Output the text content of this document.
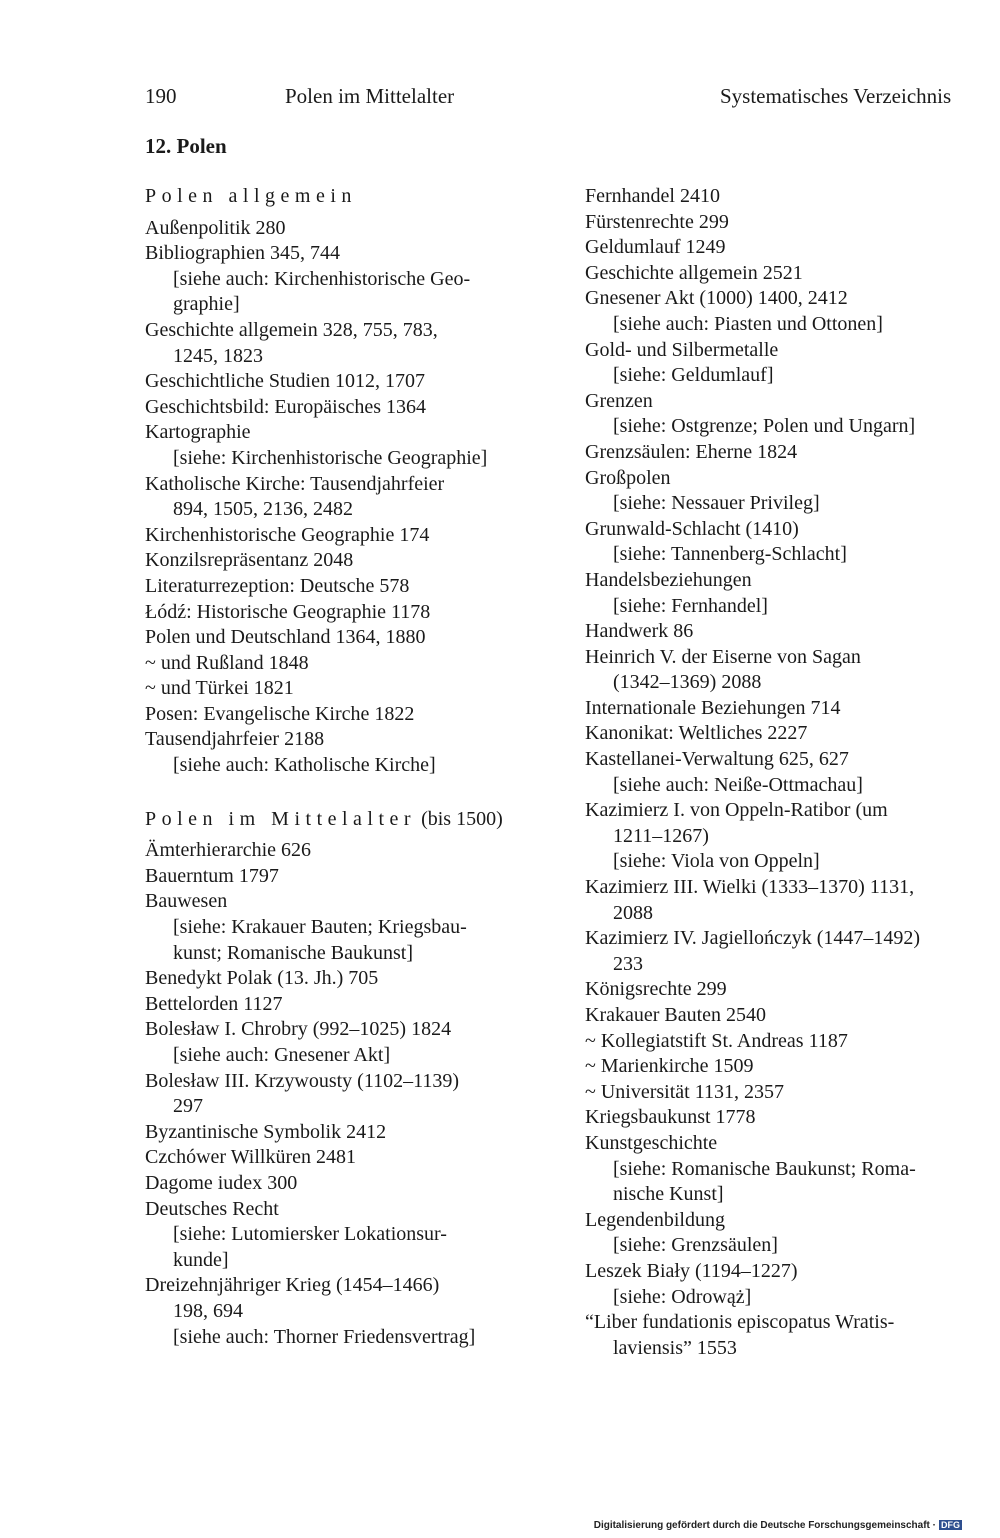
190	Polen im Mittelalter	Systematisches Verzeichnis
12. Polen
Polen allgemein
Außenpolitik 280
Bibliographien 345, 744
[siehe auch: Kirchenhistorische Geo-
graphie]
Geschichte allgemein 328, 755, 783,
1245, 1823
Geschichtliche Studien 1012, 1707
Geschichtsbild: Europäisches 1364
Kartographie
[siehe: Kirchenhistorische Geographie]
Katholische Kirche: Tausendjahrfeier
894, 1505, 2136, 2482
Kirchenhistorische Geographie 174
Konzilsrepräsentanz 2048
Literaturrezeption: Deutsche 578
Łódź: Historische Geographie 1178
Polen und Deutschland 1364, 1880
~ und Rußland 1848
~ und Türkei 1821
Posen: Evangelische Kirche 1822
Tausendjahrfeier 2188
[siehe auch: Katholische Kirche]
Polen im Mittelalter (bis 1500)
Ämterhierarchie 626
Bauerntum 1797
Bauwesen
[siehe: Krakauer Bauten; Kriegsbau-
kunst; Romanische Baukunst]
Benedykt Polak (13. Jh.) 705
Bettelorden 1127
Bolesław I. Chrobry (992–1025) 1824
[siehe auch: Gnesener Akt]
Bolesław III. Krzywousty (1102–1139)
297
Byzantinische Symbolik 2412
Czchówer Willküren 2481
Dagome iudex 300
Deutsches Recht
[siehe: Lutomiersker Lokationsur-
kunde]
Dreizehnjähriger Krieg (1454–1466)
198, 694
[siehe auch: Thorner Friedensvertrag]
Fernhandel 2410
Fürstenrechte 299
Geldumlauf 1249
Geschichte allgemein 2521
Gnesener Akt (1000) 1400, 2412
[siehe auch: Piasten und Ottonen]
Gold- und Silbermetalle
[siehe: Geldumlauf]
Grenzen
[siehe: Ostgrenze; Polen und Ungarn]
Grenzsäulen: Eherne 1824
Großpolen
[siehe: Nessauer Privileg]
Grunwald-Schlacht (1410)
[siehe: Tannenberg-Schlacht]
Handelsbeziehungen
[siehe: Fernhandel]
Handwerk 86
Heinrich V. der Eiserne von Sagan
(1342–1369) 2088
Internationale Beziehungen 714
Kanonikat: Weltliches 2227
Kastellanei-Verwaltung 625, 627
[siehe auch: Neiße-Ottmachau]
Kazimierz I. von Oppeln-Ratibor (um
1211–1267)
[siehe: Viola von Oppeln]
Kazimierz III. Wielki (1333–1370) 1131,
2088
Kazimierz IV. Jagiellończyk (1447–1492)
233
Königsrechte 299
Krakauer Bauten 2540
~ Kollegiatstift St. Andreas 1187
~ Marienkirche 1509
~ Universität 1131, 2357
Kriegsbaukunst 1778
Kunstgeschichte
[siehe: Romanische Baukunst; Roma-
nische Kunst]
Legendenbildung
[siehe: Grenzsäulen]
Leszek Biały (1194–1227)
[siehe: Odrowąż]
“Liber fundationis episcopatus Wratis-
laviensis” 1553
Digitalisierung gefördert durch die Deutsche Forschungsgemeinschaft · DFG
